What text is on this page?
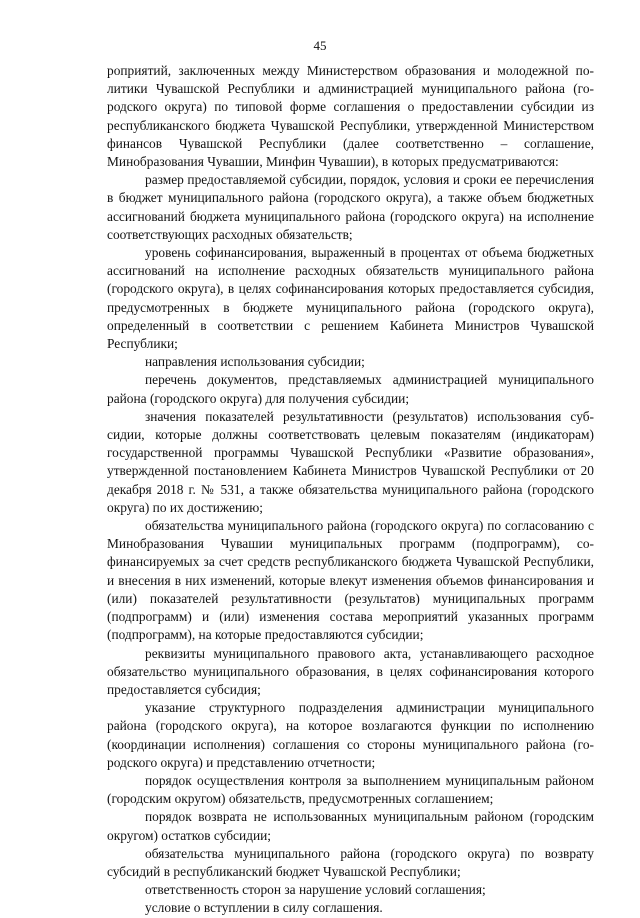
45

роприятий, заключенных между Министерством образования и молодежной политики Чувашской Республики и администрацией муниципального района (городского округа) по типовой форме соглашения о предоставлении субсидии из республиканского бюджета Чувашской Республики, утвержденной Министерством финансов Чувашской Республики (далее соответственно – соглашение, Минобразования Чувашии, Минфин Чувашии), в которых предусматриваются:

размер предоставляемой субсидии, порядок, условия и сроки ее перечисления в бюджет муниципального района (городского округа), а также объем бюджетных ассигнований бюджета муниципального района (городского округа) на исполнение соответствующих расходных обязательств;

уровень софинансирования, выраженный в процентах от объема бюджетных ассигнований на исполнение расходных обязательств муниципального района (городского округа), в целях софинансирования которых предоставляется субсидия, предусмотренных в бюджете муниципального района (городского округа), определенный в соответствии с решением Кабинета Министров Чувашской Республики;

направления использования субсидии;

перечень документов, представляемых администрацией муниципального района (городского округа) для получения субсидии;

значения показателей результативности (результатов) использования субсидии, которые должны соответствовать целевым показателям (индикаторам) государственной программы Чувашской Республики «Развитие образования», утвержденной постановлением Кабинета Министров Чувашской Республики от 20 декабря 2018 г. № 531, а также обязательства муниципального района (городского округа) по их достижению;

обязательства муниципального района (городского округа) по согласованию с Минобразования Чувашии муниципальных программ (подпрограмм), софинансируемых за счет средств республиканского бюджета Чувашской Республики, и внесения в них изменений, которые влекут изменения объемов финансирования и (или) показателей результативности (результатов) муниципальных программ (подпрограмм) и (или) изменения состава мероприятий указанных программ (подпрограмм), на которые предоставляются субсидии;

реквизиты муниципального правового акта, устанавливающего расходное обязательство муниципального образования, в целях софинансирования которого предоставляется субсидия;

указание структурного подразделения администрации муниципального района (городского округа), на которое возлагаются функции по исполнению (координации исполнения) соглашения со стороны муниципального района (городского округа) и представлению отчетности;

порядок осуществления контроля за выполнением муниципальным районом (городским округом) обязательств, предусмотренных соглашением;

порядок возврата не использованных муниципальным районом (городским округом) остатков субсидии;

обязательства муниципального района (городского округа) по возврату субсидий в республиканский бюджет Чувашской Республики;

ответственность сторон за нарушение условий соглашения;

условие о вступлении в силу соглашения.
